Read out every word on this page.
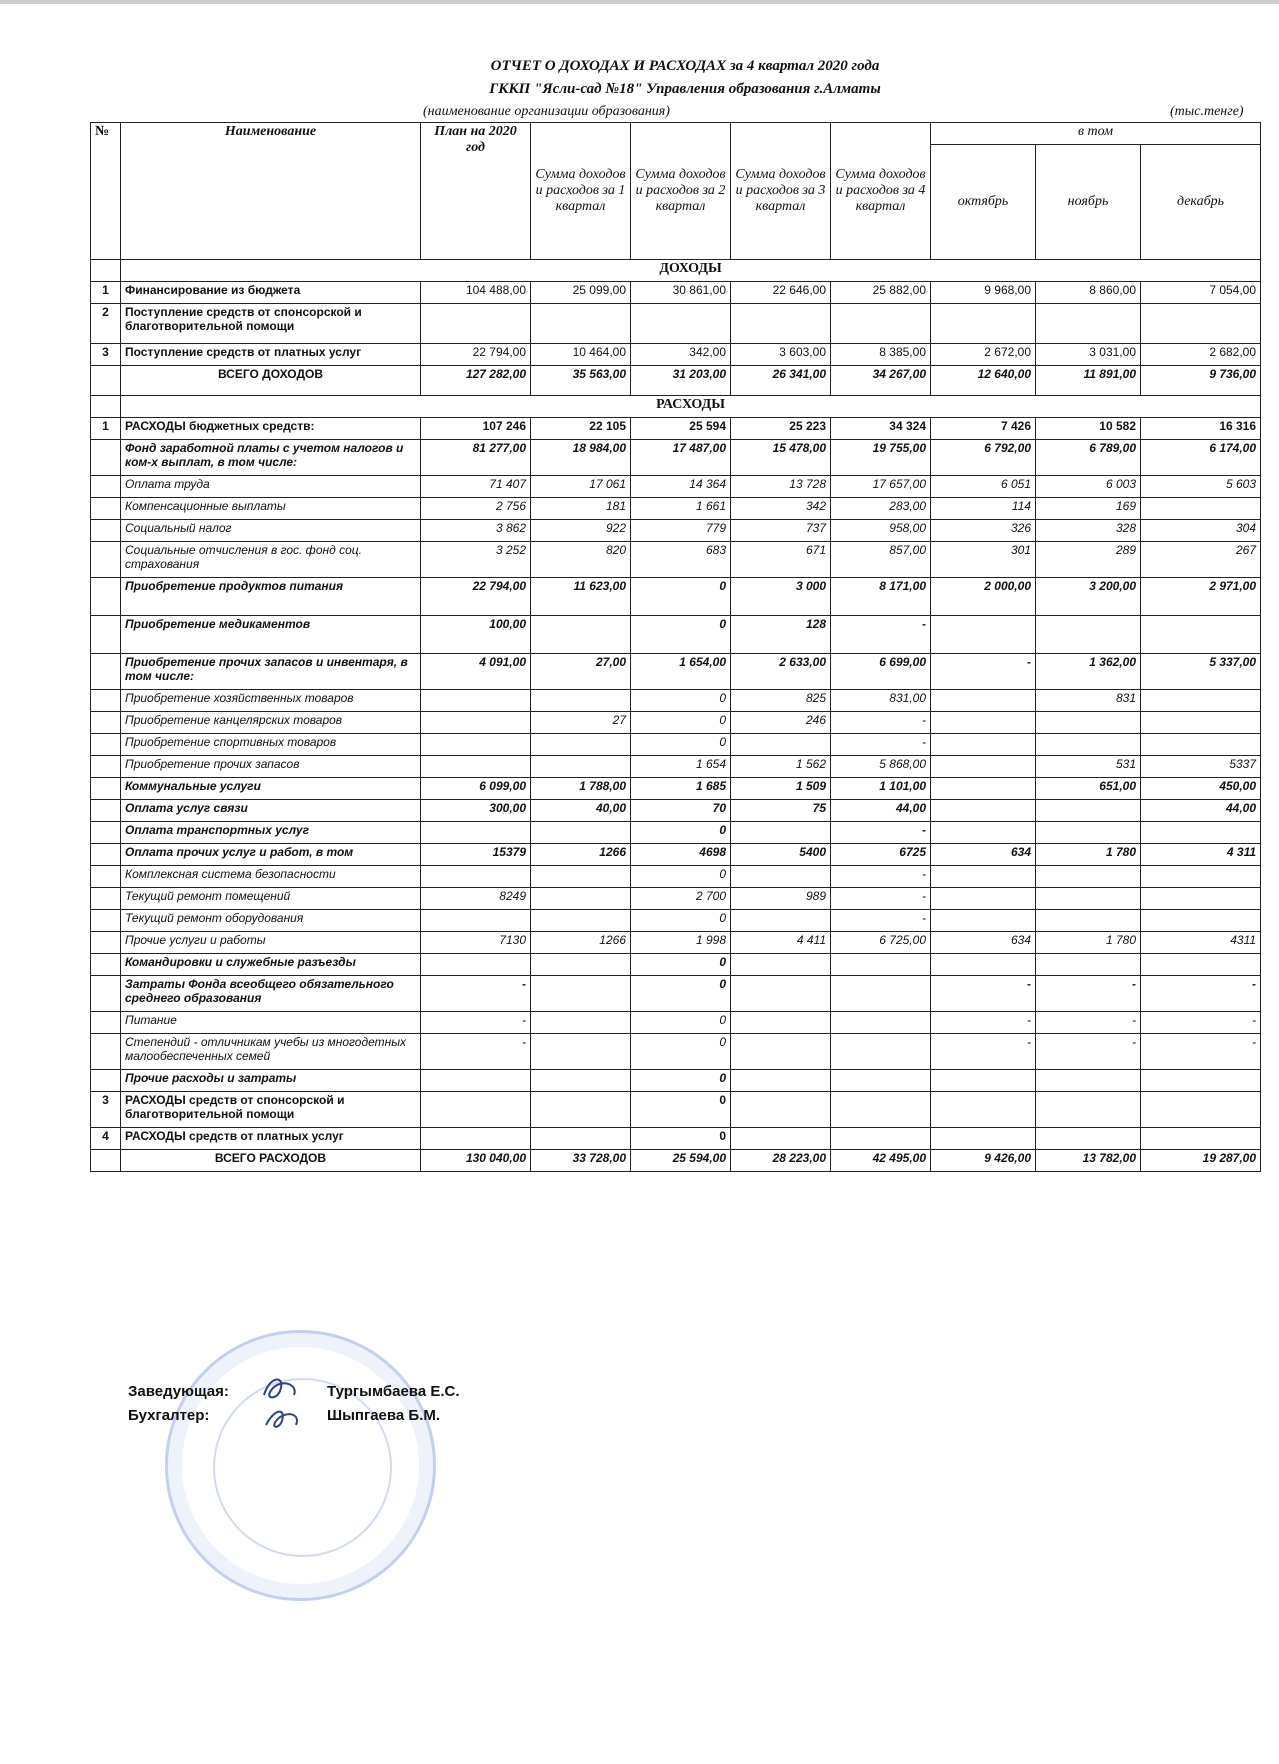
ОТЧЕТ О ДОХОДАХ И РАСХОДАХ за 4 квартал 2020 года
ГККП "Ясли-сад №18" Управления образования г.Алматы
(наименование организации образования)	(тыс.тенге)
№	Наименование	План на 2020 год	Сумма доходов и расходов за 1 квартал	Сумма доходов и расходов за 2 квартал	Сумма доходов и расходов за 3 квартал	Сумма доходов и расходов за 4 квартал	в том		
							октябрь	ноябрь	декабрь
	ДОХОДЫ								
1	Финансирование из бюджета	104 488,00	25 099,00	30 861,00	22 646,00	25 882,00	9 968,00	8 860,00	7 054,00
2	Поступление средств от спонсорской и благотворительной помощи								
3	Поступление средств от платных услуг	22 794,00	10 464,00	342,00	3 603,00	8 385,00	2 672,00	3 031,00	2 682,00
	ВСЕГО ДОХОДОВ	127 282,00	35 563,00	31 203,00	26 341,00	34 267,00	12 640,00	11 891,00	9 736,00
	РАСХОДЫ								
1	РАСХОДЫ бюджетных средств:	107 246	22 105	25 594	25 223	34 324	7 426	10 582	16 316
	Фонд заработной платы с учетом налогов и ком-х выплат, в том числе:	81 277,00	18 984,00	17 487,00	15 478,00	19 755,00	6 792,00	6 789,00	6 174,00
	Оплата труда	71 407	17 061	14 364	13 728	17 657,00	6 051	6 003	5 603
	Компенсационные выплаты	2 756	181	1 661	342	283,00	114	169	
	Социальный налог	3 862	922	779	737	958,00	326	328	304
	Социальные отчисления в гос. фонд соц. страхования	3 252	820	683	671	857,00	301	289	267
	Приобретение продуктов питания	22 794,00	11 623,00	0	3 000	8 171,00	2 000,00	3 200,00	2 971,00
	Приобретение медикаментов	100,00		0	128	-			
	Приобретение прочих запасов и инвентаря, в том числе:	4 091,00	27,00	1 654,00	2 633,00	6 699,00	-	1 362,00	5 337,00
	Приобретение хозяйственных товаров			0	825	831,00		831	
	Приобретение канцелярских товаров		27	0	246	-			
	Приобретение спортивных товаров			0		-			
	Приобретение прочих запасов			1 654	1 562	5 868,00		531	5337
	Коммунальные услуги	6 099,00	1 788,00	1 685	1 509	1 101,00		651,00	450,00
	Оплата услуг связи	300,00	40,00	70	75	44,00			44,00
	Оплата транспортных услуг			0		-			
	Оплата прочих услуг и работ, в том	15379	1266	4698	5400	6725	634	1 780	4 311
	Комплексная система безопасности			0		-			
	Текущий ремонт помещений	8249		2 700	989	-			
	Текущий ремонт оборудования			0		-			
	Прочие услуги и работы	7130	1266	1 998	4 411	6 725,00	634	1 780	4311
	Командировки и служебные разъезды			0					
	Затраты Фонда всеобщего обязательного среднего образования	-		0			-	-	-
	Питание	-		0			-	-	-
	Степендий - отличникам учебы из многодетных малообеспеченных семей	-		0			-	-	-
	Прочие расходы и затраты			0					
3	РАСХОДЫ средств от спонсорской и благотворительной помощи			0					
4	РАСХОДЫ средств от платных услуг			0					
	ВСЕГО РАСХОДОВ	130 040,00	33 728,00	25 594,00	28 223,00	42 495,00	9 426,00	13 782,00	19 287,00
Заведующая:	Тургымбаева Е.С.
Бухгалтер:	Шыпгаева Б.М.
